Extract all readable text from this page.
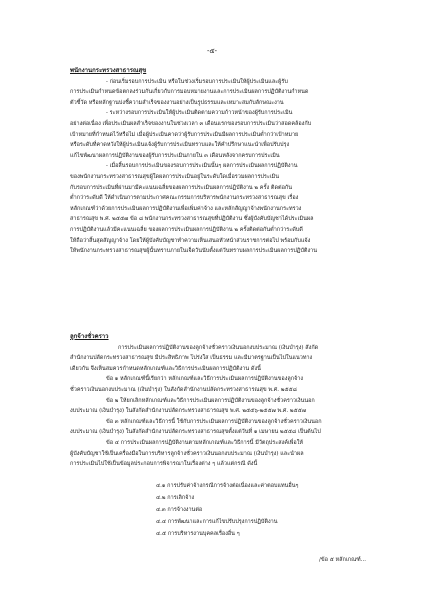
-๕-
พนักงานกระทรวงสาธารณสุข
- ก่อนเริ่มรอบการประเมิน หรือในช่วงเริ่มรอบการประเมินให้ผู้ประเมินและผู้รับ
การประเมินกำหนดข้อตกลงร่วมกันเกี่ยวกับการมอบหมายงานและการประเมินผลการปฏิบัติงานกำหนด
ตัวชี้วัด หรือหลักฐานบ่งชี้ความสำเร็จของงานอย่างเป็นรูปธรรมและเหมาะสมกับลักษณะงาน
- ระหว่างรอบการประเมินให้ผู้ประเมินติดตามความก้าวหน้าของผู้รับการประเมิน
อย่างต่อเนื่อง เพื่อประเมินผลสำเร็จของงานในช่วงเวลา ๓ เดือนแรกของรอบการประเมินว่าสอดคล้องกับ
เป้าหมายที่กำหนดไว้หรือไม่ เมื่อผู้ประเมินคาดว่าผู้รับการประเมินมีผลการประเมินต่ำกว่าเป้าหมาย
หรือระดับที่คาดหวังให้ผู้ประเมินแจ้งผู้รับการประเมินทราบและให้คำปรึกษาแนะนำเพื่อปรับปรุง
แก้ไขพัฒนาผลการปฏิบัติงานของผู้รับการประเมินภายใน ๓ เดือนหลังจากครบการประเมิน
- เมื่อสิ้นรอบการประเมินของรอบการประเมินนั้นๆ ผลการประเมินผลการปฏิบัติงาน
ของพนักงานกระทรวงสาธารณสุขผู้ใดผลการประเมินอยู่ในระดับใดเมื่อรวมผลการประเมิน
กับรอบการประเมินที่ผ่านมามีคะแนนเฉลี่ยของผลการประเมินผลการปฏิบัติงาน ๒ ครั้ง ติดต่อกัน
ต่ำกว่าระดับดี ให้ดำเนินการตามประกาศคณะกรรมการบริหารพนักงานกระทรวงสาธารณสุข เรื่อง
หลักเกณฑ์ว่าด้วยการประเมินผลการปฏิบัติงานเพื่อเพิ่มค่าจ้าง และหลักสัญญาจ้างพนักงานกระทรวง
สาธารณสุข พ.ศ. ๒๕๕๗ ข้อ ๘ พนักงานกระทรวงสาธารณสุขที่ปฏิบัติงาน ซึ่งผู้บังคับบัญชาได้ประเมินผล
การปฏิบัติงานแล้วมีคะแนนเฉลี่ย ของผลการประเมินผลการปฏิบัติงาน ๒ ครั้งติดต่อกันต่ำกว่าระดับดี
ให้ถือว่าสิ้นสุดสัญญาจ้าง โดยให้ผู้บังคับบัญชาทำความเห็นเสนอหัวหน้าส่วนราชการต่อไป พร้อมกับแจ้ง
ให้พนักงานกระทรวงสาธารณสุขผู้นั้นทราบภายในเจ็ดวันนับตั้งแต่วันทราบผลการประเมินผลการปฏิบัติงาน
ลูกจ้างชั่วคราว
การประเมินผลการปฏิบัติงานของลูกจ้างชั่วคราวเงินนอกงบประมาณ (เงินบำรุง) สังกัด
สำนักงานปลัดกระทรวงสาธารณสุข มีประสิทธิภาพ โปร่งใส เป็นธรรม และมีมาตรฐานเป็นไปในแนวทาง
เดียวกัน จึงเห็นสมควรกำหนดหลักเกณฑ์และวิธีการประเมินผลการปฏิบัติงาน ดังนี้
ข้อ ๑ หลักเกณฑ์นี้เรียกว่า หลักเกณฑ์และวิธีการประเมินผลการปฏิบัติงานของลูกจ้าง
ชั่วคราวเงินนอกงบประมาณ (เงินบำรุง) ในสังกัดสำนักงานปลัดกระทรวงสาธารณสุข พ.ศ. ๒๕๕๘
ข้อ ๒ ให้ยกเลิกหลักเกณฑ์และวิธีการประเมินผลการปฏิบัติงานของลูกจ้างชั่วคราวเงินนอก
งบประมาณ (เงินบำรุง) ในสังกัดสำนักงานปลัดกระทรวงสาธารณสุข พ.ศ. ๒๕๕๖-๒๕๕๗ พ.ศ. ๒๕๕๗
ข้อ ๓ หลักเกณฑ์และวิธีการนี้ ใช้กับการประเมินผลการปฏิบัติงานของลูกจ้างชั่วคราวเงินนอก
งบประมาณ (เงินบำรุง) ในสังกัดสำนักงานปลัดกระทรวงสาธารณสุขตั้งแต่วันที่ ๑ เมษายน ๒๕๕๘ เป็นต้นไป
ข้อ ๔ การประเมินผลการปฏิบัติงานตามหลักเกณฑ์และวิธีการนี้ มีวัตถุประสงค์เพื่อให้
ผู้บังคับบัญชาใช้เป็นเครื่องมือในการบริหารลูกจ้างชั่วคราวเงินนอกงบประมาณ (เงินบำรุง) และนำผล
การประเมินไปใช้เป็นข้อมูลประกอบการพิจารณาในเรื่องต่าง ๆ แล้วแต่กรณี ดังนี้
๔.๑ การปรับค่าจ้างกรณีการจ้างต่อเนื่องและค่าตอบแทนอื่นๆ
๔.๒ การเลิกจ้าง
๔.๓ การจ้างงานต่อ
๔.๔ การพัฒนาและการแก้ไขปรับปรุงการปฏิบัติงาน
๔.๕ การบริหารงานบุคคลเรื่องอื่น ๆ
/ข้อ ๕ หลักเกณฑ์...
